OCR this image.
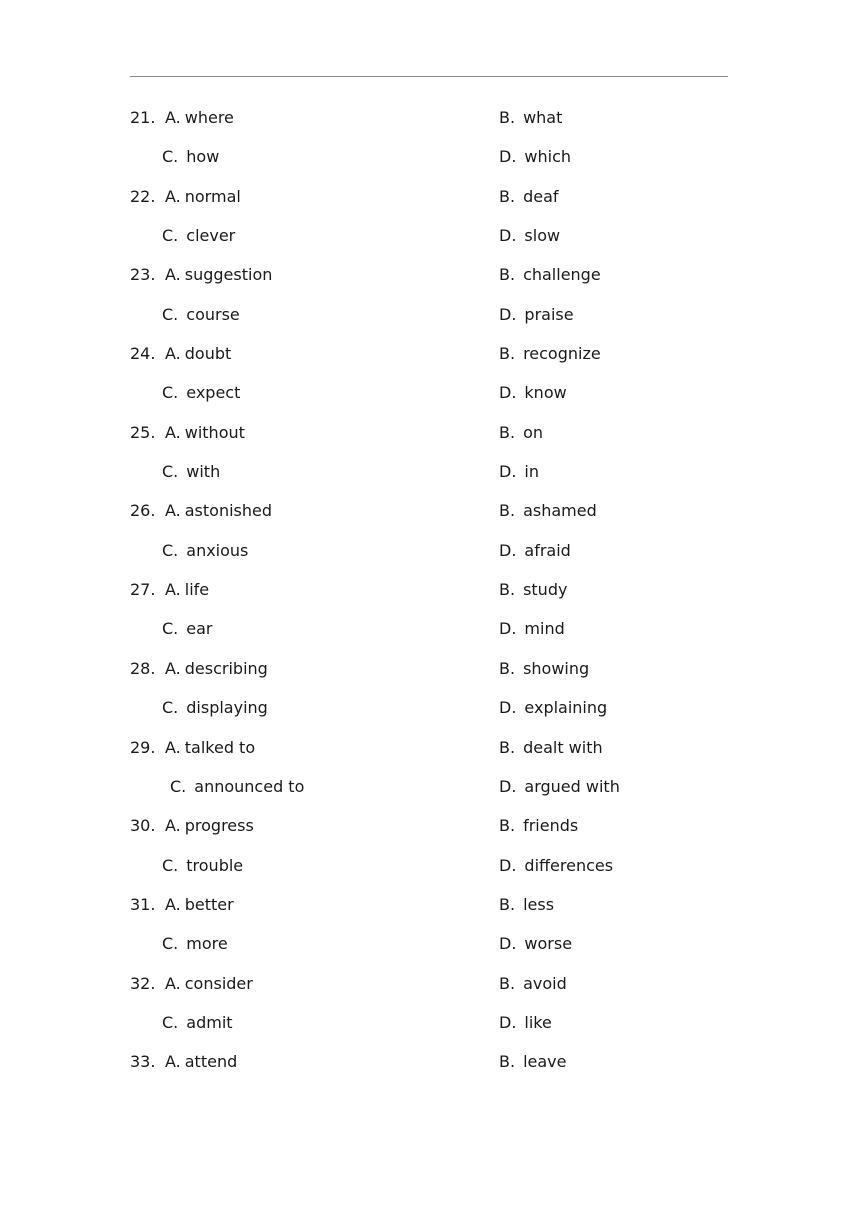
21. A. where	B. what
C. how	D. which
22. A. normal	B. deaf
C. clever	D. slow
23. A. suggestion	B. challenge
C. course	D. praise
24. A. doubt	B. recognize
C. expect	D. know
25. A. without	B. on
C. with	D. in
26. A. astonished	B. ashamed
C. anxious	D. afraid
27. A. life	B. study
C. ear	D. mind
28. A. describing	B. showing
C. displaying	D. explaining
29. A. talked to	B. dealt with
C. announced to	D. argued with
30. A. progress	B. friends
C. trouble	D. differences
31. A. better	B. less
C. more	D. worse
32. A. consider	B. avoid
C. admit	D. like
33. A. attend	B. leave
